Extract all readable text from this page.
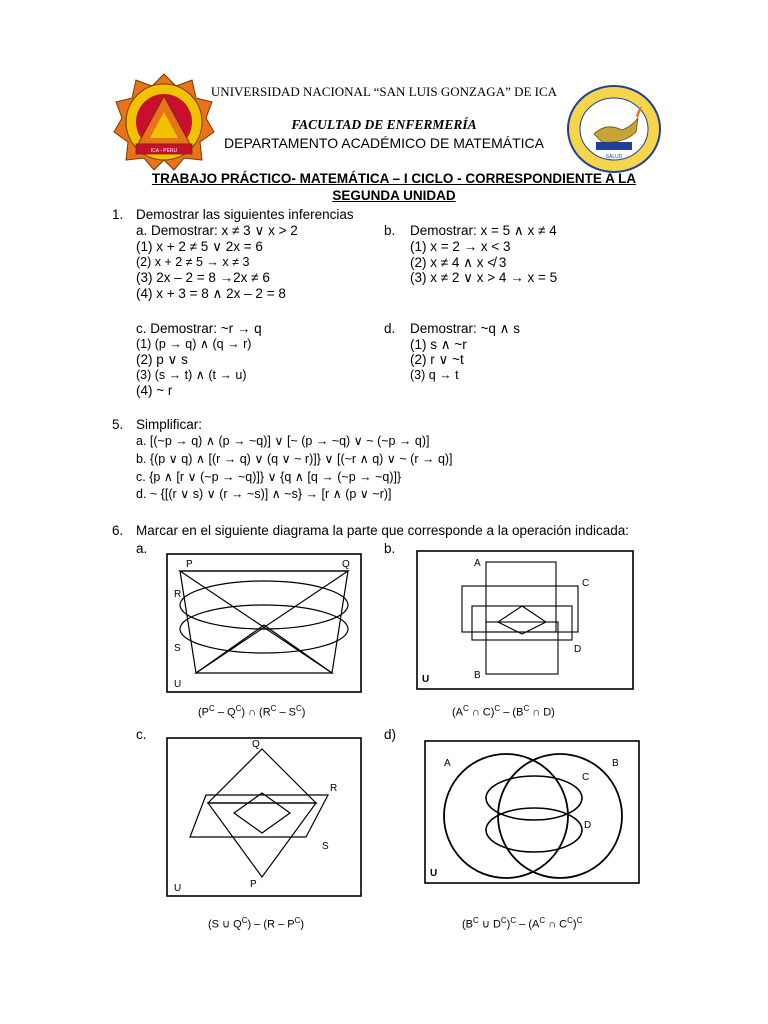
ICA - PERU
SALUD
UNIVERSIDAD NACIONAL “SAN LUIS GONZAGA” DE ICA
FACULTAD DE ENFERMERÍA
DEPARTAMENTO ACADÉMICO DE MATEMÁTICA
TRABAJO PRÁCTICO- MATEMÁTICA – I CICLO - CORRESPONDIENTE A LA
SEGUNDA UNIDAD
1. Demostrar las siguientes inferencias
a. Demostrar: x ≠ 3 ∨ x > 2
(1) x + 2 ≠ 5 ∨ 2x = 6
(2) x + 2 ≠ 5 → x ≠ 3
(3) 2x – 2 = 8 →2x ≠ 6
(4) x + 3 = 8 ∧ 2x – 2 = 8
b. Demostrar: x = 5 ∧ x ≠ 4
(1) x = 2 → x < 3
(2) x ≠ 4 ∧ x ≮ 3
(3) x ≠ 2 ∨ x > 4 → x = 5
c. Demostrar: ~r → q
(1) (p → q) ∧ (q → r)
(2) p ∨ s
(3) (s → t) ∧ (t → u)
(4) ~ r
d. Demostrar: ~q ∧ s
(1) s ∧ ~r
(2) r ∨ ~t
(3) q → t
5. Simplificar:
a. [(~p → q) ∧ (p → ~q)] ∨ [~ (p → ~q) ∨ ~ (~p → q)]
b. {(p ∨ q) ∧ [(r → q) ∨ (q ∨ ~ r)]} ∨ [(~r ∧ q) ∨ ~ (r → q)]
c. {p ∧ [r ∨ (~p → ~q)]} ∨ {q ∧ [q → (~p → ~q)]}
d. ~ {[(r ∨ s) ∨ (r → ~s)] ∧ ~s} → [r ∧ (p ∨ ~r)]
6. Marcar en el siguiente diagrama la parte que corresponde a la operación indicada:
a.	b.
P	Q
R
S
U
$(P^C - Q^C)$ ∩ $(R^C - S^C)$
A
C
D
B
U
($A^C$ ∩ $C)^C - (B^C$ ∩ D)
c.	d)
Q
R
S
P
U
(S ∪ $Q^C) - (R - P^C)$
A	B
C
D
U
($B^C$ ∪ $D^C)^C - (A^C$ ∩ $C^C)^C$
